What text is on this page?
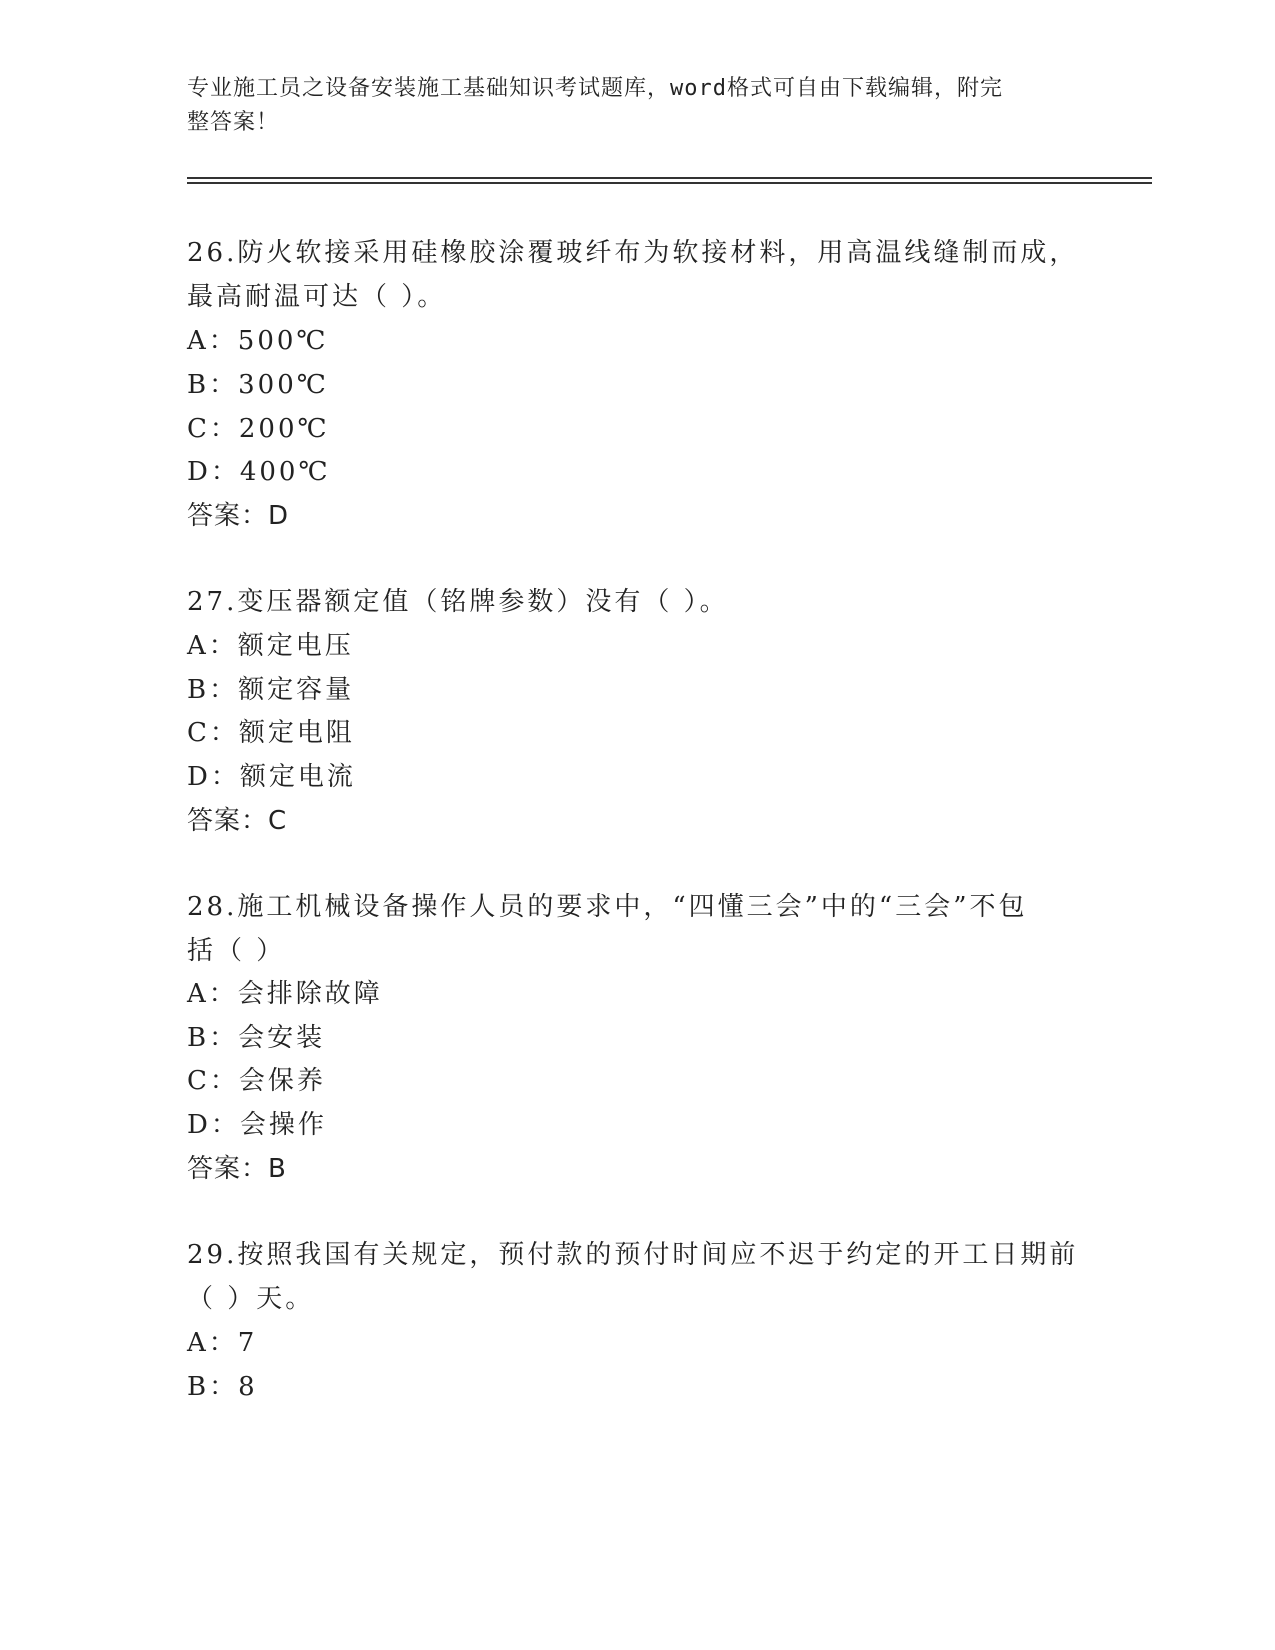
专业施工员之设备安装施工基础知识考试题库，word格式可自由下载编辑，附完
整答案！
26.防火软接采用硅橡胶涂覆玻纤布为软接材料，用高温线缝制而成，
最高耐温可达（ ）。
A：500℃
B：300℃
C：200℃
D：400℃
答案：D
27.变压器额定值（铭牌参数）没有（ ）。
A：额定电压
B：额定容量
C：额定电阻
D：额定电流
答案：C
28.施工机械设备操作人员的要求中，“四懂三会”中的“三会”不包
括（ ）
A：会排除故障
B：会安装
C：会保养
D：会操作
答案：B
29.按照我国有关规定，预付款的预付时间应不迟于约定的开工日期前
（ ）天。
A：7
B：8
